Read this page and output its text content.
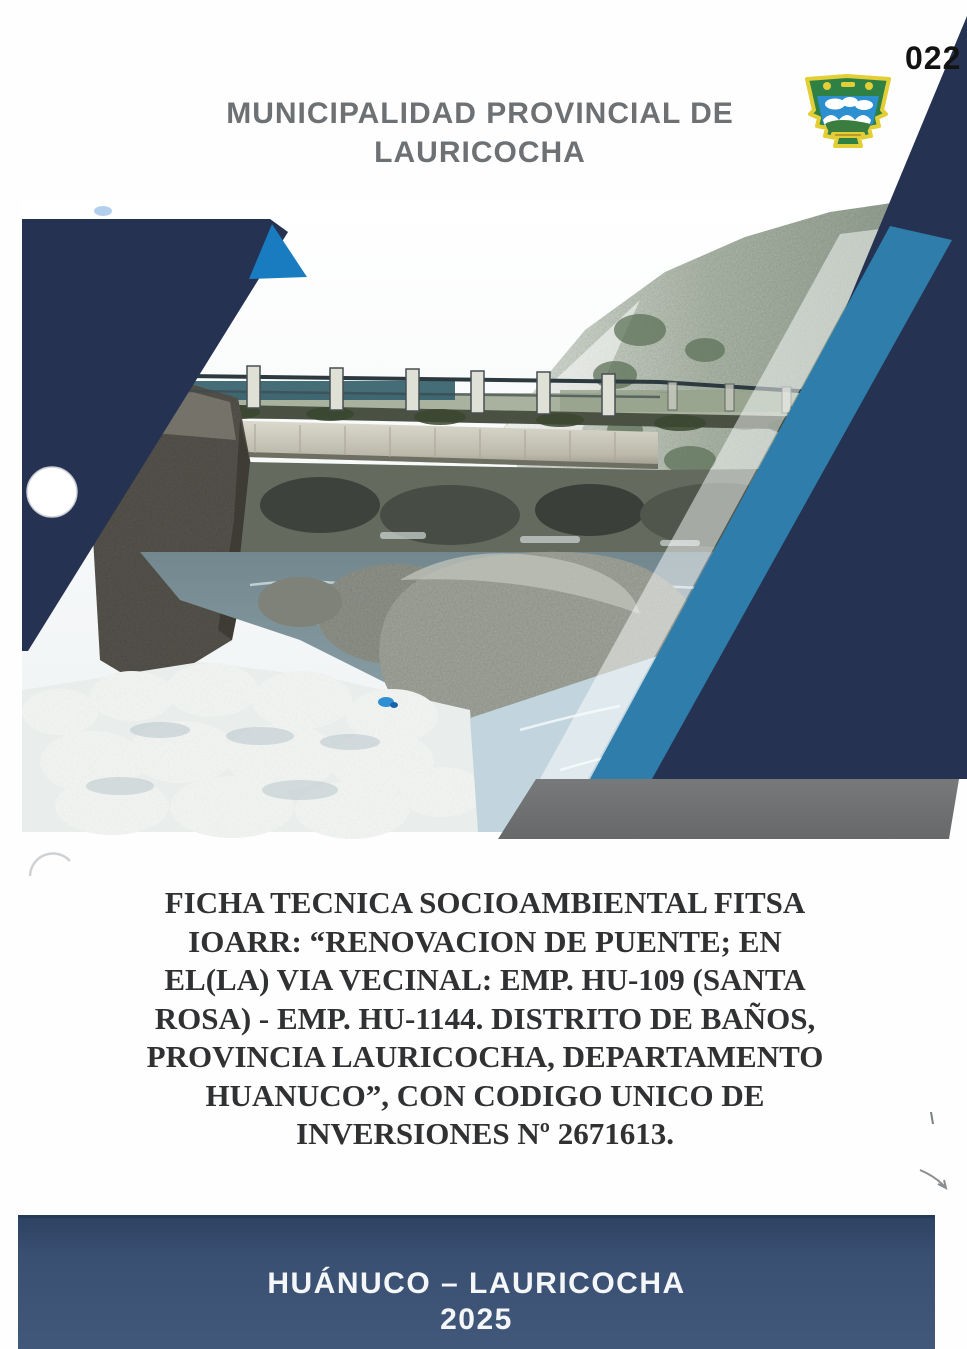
022
MUNICIPALIDAD PROVINCIAL DE
LAURICOCHA
FICHA TECNICA SOCIOAMBIENTAL FITSA
IOARR: “RENOVACION DE PUENTE; EN
EL(LA) VIA VECINAL: EMP. HU-109 (SANTA
ROSA) - EMP. HU-1144. DISTRITO DE BAÑOS,
PROVINCIA LAURICOCHA, DEPARTAMENTO
HUANUCO”, CON CODIGO UNICO DE
INVERSIONES Nº 2671613.
HUÁNUCO – LAURICOCHA
2025
